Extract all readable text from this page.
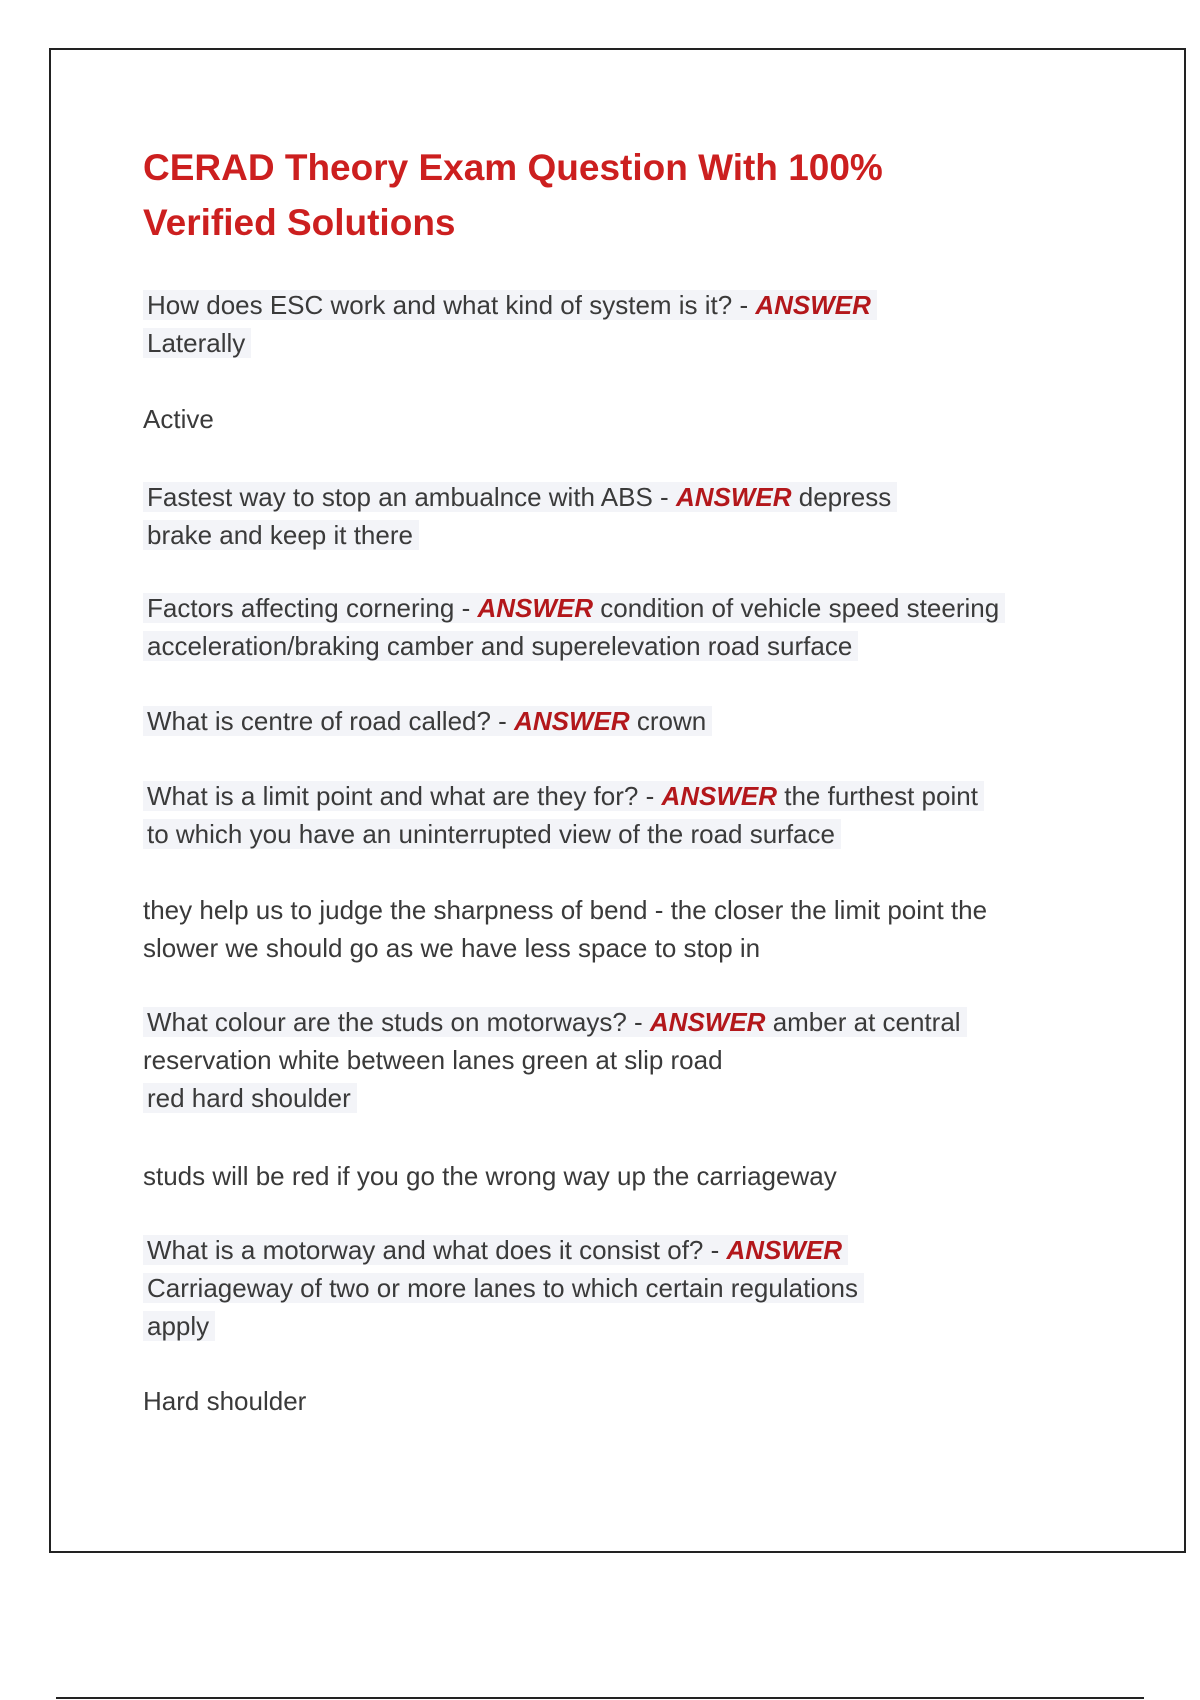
CERAD Theory Exam Question With 100% Verified Solutions
How does ESC work and what kind of system is it? - ANSWER
Laterally
Active
Fastest way to stop an ambualnce with ABS - ANSWER depress
brake and keep it there
Factors affecting cornering - ANSWER condition of vehicle speed steering
acceleration/braking camber and superelevation road surface
What is centre of road called? - ANSWER crown
What is a limit point and what are they for? - ANSWER the furthest point
to which you have an uninterrupted view of the road surface
they help us to judge the sharpness of bend - the closer the limit point the
slower we should go as we have less space to stop in
What colour are the studs on motorways? - ANSWER amber at central
reservation white between lanes green at slip road
red hard shoulder
studs will be red if you go the wrong way up the carriageway
What is a motorway and what does it consist of? - ANSWER
Carriageway of two or more lanes to which certain regulations
apply
Hard shoulder
